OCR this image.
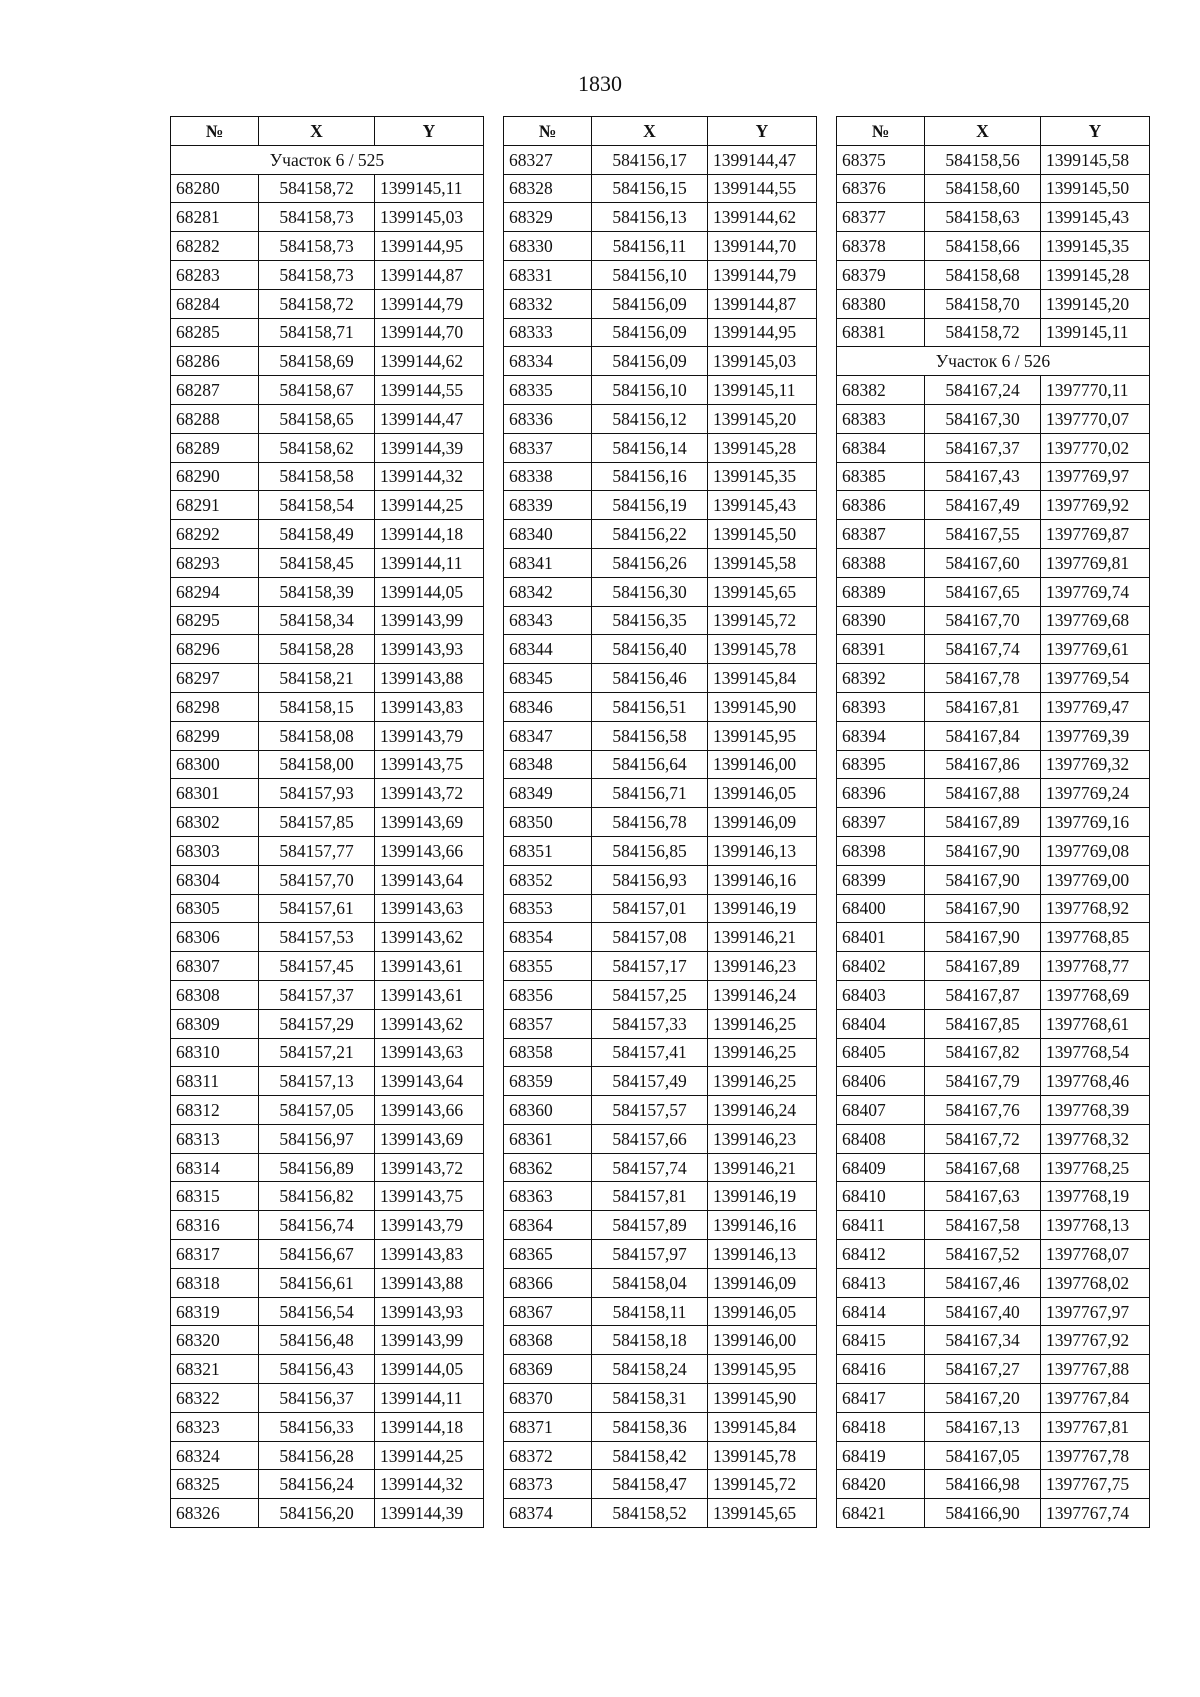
1830
№	X	Y
Участок 6 / 525		
68280	584158,72	1399145,11
68281	584158,73	1399145,03
68282	584158,73	1399144,95
68283	584158,73	1399144,87
68284	584158,72	1399144,79
68285	584158,71	1399144,70
68286	584158,69	1399144,62
68287	584158,67	1399144,55
68288	584158,65	1399144,47
68289	584158,62	1399144,39
68290	584158,58	1399144,32
68291	584158,54	1399144,25
68292	584158,49	1399144,18
68293	584158,45	1399144,11
68294	584158,39	1399144,05
68295	584158,34	1399143,99
68296	584158,28	1399143,93
68297	584158,21	1399143,88
68298	584158,15	1399143,83
68299	584158,08	1399143,79
68300	584158,00	1399143,75
68301	584157,93	1399143,72
68302	584157,85	1399143,69
68303	584157,77	1399143,66
68304	584157,70	1399143,64
68305	584157,61	1399143,63
68306	584157,53	1399143,62
68307	584157,45	1399143,61
68308	584157,37	1399143,61
68309	584157,29	1399143,62
68310	584157,21	1399143,63
68311	584157,13	1399143,64
68312	584157,05	1399143,66
68313	584156,97	1399143,69
68314	584156,89	1399143,72
68315	584156,82	1399143,75
68316	584156,74	1399143,79
68317	584156,67	1399143,83
68318	584156,61	1399143,88
68319	584156,54	1399143,93
68320	584156,48	1399143,99
68321	584156,43	1399144,05
68322	584156,37	1399144,11
68323	584156,33	1399144,18
68324	584156,28	1399144,25
68325	584156,24	1399144,32
68326	584156,20	1399144,39
№	X	Y
68327	584156,17	1399144,47
68328	584156,15	1399144,55
68329	584156,13	1399144,62
68330	584156,11	1399144,70
68331	584156,10	1399144,79
68332	584156,09	1399144,87
68333	584156,09	1399144,95
68334	584156,09	1399145,03
68335	584156,10	1399145,11
68336	584156,12	1399145,20
68337	584156,14	1399145,28
68338	584156,16	1399145,35
68339	584156,19	1399145,43
68340	584156,22	1399145,50
68341	584156,26	1399145,58
68342	584156,30	1399145,65
68343	584156,35	1399145,72
68344	584156,40	1399145,78
68345	584156,46	1399145,84
68346	584156,51	1399145,90
68347	584156,58	1399145,95
68348	584156,64	1399146,00
68349	584156,71	1399146,05
68350	584156,78	1399146,09
68351	584156,85	1399146,13
68352	584156,93	1399146,16
68353	584157,01	1399146,19
68354	584157,08	1399146,21
68355	584157,17	1399146,23
68356	584157,25	1399146,24
68357	584157,33	1399146,25
68358	584157,41	1399146,25
68359	584157,49	1399146,25
68360	584157,57	1399146,24
68361	584157,66	1399146,23
68362	584157,74	1399146,21
68363	584157,81	1399146,19
68364	584157,89	1399146,16
68365	584157,97	1399146,13
68366	584158,04	1399146,09
68367	584158,11	1399146,05
68368	584158,18	1399146,00
68369	584158,24	1399145,95
68370	584158,31	1399145,90
68371	584158,36	1399145,84
68372	584158,42	1399145,78
68373	584158,47	1399145,72
68374	584158,52	1399145,65
№	X	Y
68375	584158,56	1399145,58
68376	584158,60	1399145,50
68377	584158,63	1399145,43
68378	584158,66	1399145,35
68379	584158,68	1399145,28
68380	584158,70	1399145,20
68381	584158,72	1399145,11
Участок 6 / 526		
68382	584167,24	1397770,11
68383	584167,30	1397770,07
68384	584167,37	1397770,02
68385	584167,43	1397769,97
68386	584167,49	1397769,92
68387	584167,55	1397769,87
68388	584167,60	1397769,81
68389	584167,65	1397769,74
68390	584167,70	1397769,68
68391	584167,74	1397769,61
68392	584167,78	1397769,54
68393	584167,81	1397769,47
68394	584167,84	1397769,39
68395	584167,86	1397769,32
68396	584167,88	1397769,24
68397	584167,89	1397769,16
68398	584167,90	1397769,08
68399	584167,90	1397769,00
68400	584167,90	1397768,92
68401	584167,90	1397768,85
68402	584167,89	1397768,77
68403	584167,87	1397768,69
68404	584167,85	1397768,61
68405	584167,82	1397768,54
68406	584167,79	1397768,46
68407	584167,76	1397768,39
68408	584167,72	1397768,32
68409	584167,68	1397768,25
68410	584167,63	1397768,19
68411	584167,58	1397768,13
68412	584167,52	1397768,07
68413	584167,46	1397768,02
68414	584167,40	1397767,97
68415	584167,34	1397767,92
68416	584167,27	1397767,88
68417	584167,20	1397767,84
68418	584167,13	1397767,81
68419	584167,05	1397767,78
68420	584166,98	1397767,75
68421	584166,90	1397767,74
